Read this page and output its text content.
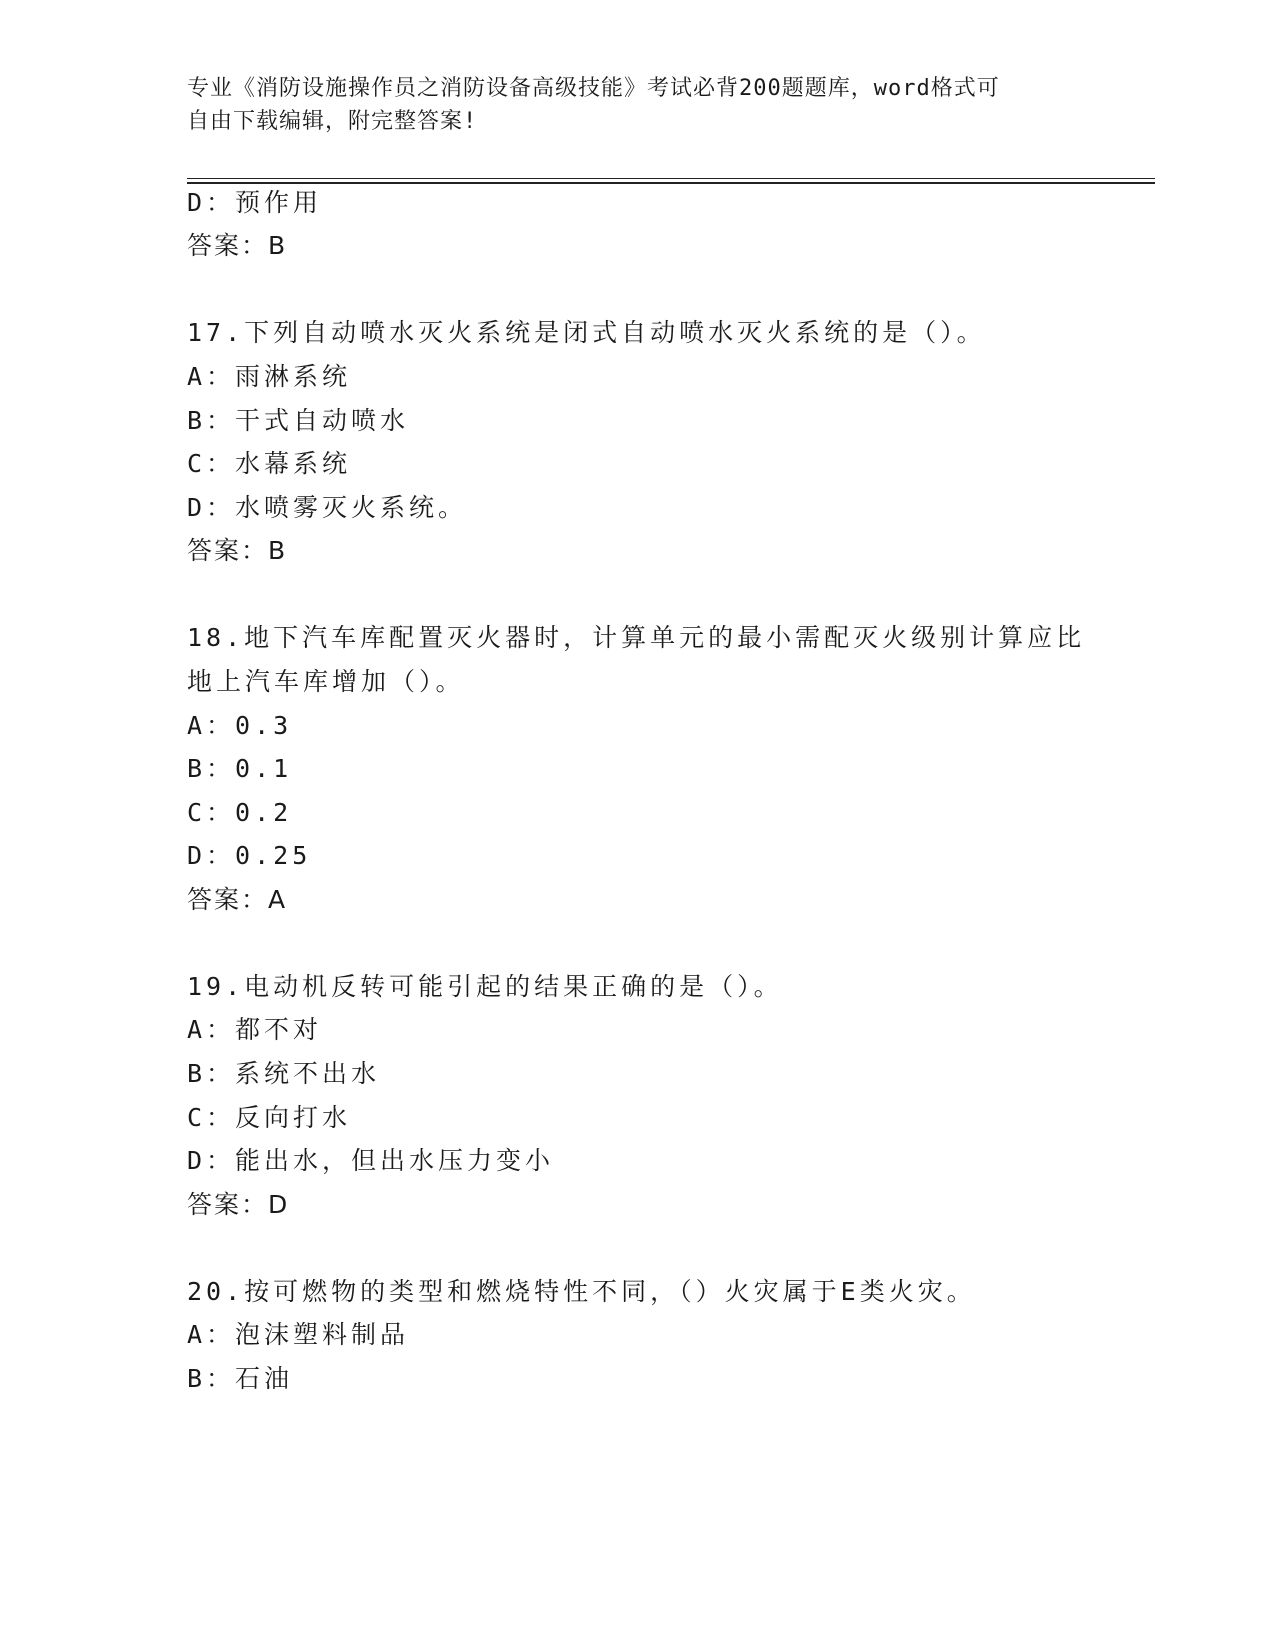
专业《消防设施操作员之消防设备高级技能》考试必背200题题库，word格式可
自由下载编辑，附完整答案!
D：预作用
答案：B
17.下列自动喷水灭火系统是闭式自动喷水灭火系统的是（）。
A：雨淋系统
B：干式自动喷水
C：水幕系统
D：水喷雾灭火系统。
答案：B
18.地下汽车库配置灭火器时，计算单元的最小需配灭火级别计算应比
地上汽车库增加（）。
A：0.3
B：0.1
C：0.2
D：0.25
答案：A
19.电动机反转可能引起的结果正确的是（）。
A：都不对
B：系统不出水
C：反向打水
D：能出水，但出水压力变小
答案：D
20.按可燃物的类型和燃烧特性不同，（）火灾属于E类火灾。
A：泡沫塑料制品
B：石油
